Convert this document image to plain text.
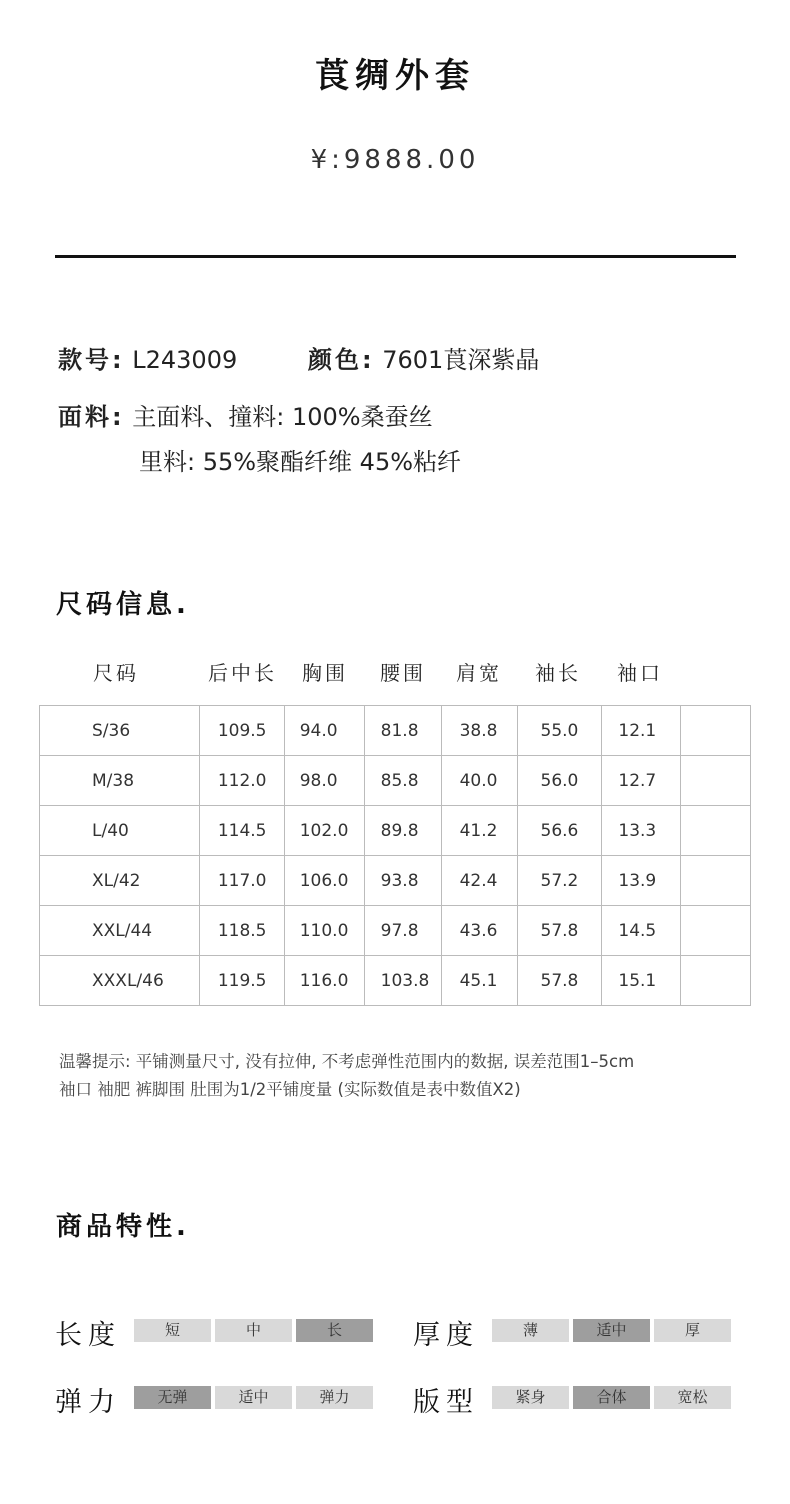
莨绸外套
¥:9888.00
款号: L243009	颜色: 7601莨深紫晶
面料: 主面料、撞料: 100%桑蚕丝
里料: 55%聚酯纤维 45%粘纤
尺码信息.
尺码	后中长 胸围 腰围 肩宽 袖长 袖口
S/36	109.5	94.0	81.8	38.8	55.0	12.1	
M/38	112.0	98.0	85.8	40.0	56.0	12.7	
L/40	114.5	102.0	89.8	41.2	56.6	13.3	
XL/42	117.0	106.0	93.8	42.4	57.2	13.9	
XXL/44	118.5	110.0	97.8	43.6	57.8	14.5	
XXXL/46	119.5	116.0	103.8	45.1	57.8	15.1	
温馨提示: 平铺测量尺寸, 没有拉伸, 不考虑弹性范围内的数据, 误差范围1–5cm
袖口 袖肥 裤脚围 肚围为1/2平铺度量 (实际数值是表中数值X2)
商品特性.
长度	短	中	长	厚度	薄	适中	厚
弹力	无弹	适中	弹力	版型	紧身	合体	宽松
